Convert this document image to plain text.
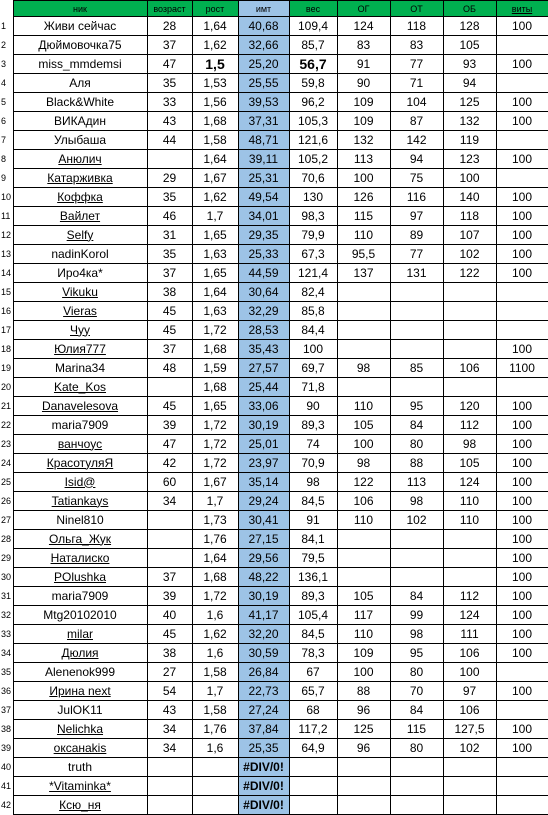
	ник	возраст	рост	имт	вес	ОГ	ОТ	ОБ	виты
1	Живи сейчас	28	1,64	40,68	109,4	124	118	128	100
2	Дюймовочка75	37	1,62	32,66	85,7	83	83	105	
3	miss_mmdemsi	47	1,5	25,20	56,7	91	77	93	100
4	Аля	35	1,53	25,55	59,8	90	71	94	
5	Black&White	33	1,56	39,53	96,2	109	104	125	100
6	ВИКАдин	43	1,68	37,31	105,3	109	87	132	100
7	Улыбаша	44	1,58	48,71	121,6	132	142	119	
8	Анюлич		1,64	39,11	105,2	113	94	123	100
9	Катарживка	29	1,67	25,31	70,6	100	75	100	
10	Коффка	35	1,62	49,54	130	126	116	140	100
11	Вайлет	46	1,7	34,01	98,3	115	97	118	100
12	Selfy	31	1,65	29,35	79,9	110	89	107	100
13	nadinKorol	35	1,63	25,33	67,3	95,5	77	102	100
14	Иро4ка*	37	1,65	44,59	121,4	137	131	122	100
15	Vikuku	38	1,64	30,64	82,4				
16	Vieras	45	1,63	32,29	85,8				
17	Чуу	45	1,72	28,53	84,4				
18	Юлия777	37	1,68	35,43	100				100
19	Marina34	48	1,59	27,57	69,7	98	85	106	1100
20	Kate_Kos		1,68	25,44	71,8				
21	Danavelesova	45	1,65	33,06	90	110	95	120	100
22	maria7909	39	1,72	30,19	89,3	105	84	112	100
23	ванчоус	47	1,72	25,01	74	100	80	98	100
24	КрасотуляЯ	42	1,72	23,97	70,9	98	88	105	100
25	Isid@	60	1,67	35,14	98	122	113	124	100
26	Tatiankays	34	1,7	29,24	84,5	106	98	110	100
27	Ninel810		1,73	30,41	91	110	102	110	100
28	Ольга_Жук		1,76	27,15	84,1				100
29	Наталиско		1,64	29,56	79,5				100
30	POlushka	37	1,68	48,22	136,1				100
31	maria7909	39	1,72	30,19	89,3	105	84	112	100
32	Mtg20102010	40	1,6	41,17	105,4	117	99	124	100
33	milar	45	1,62	32,20	84,5	110	98	111	100
34	Дюлия	38	1,6	30,59	78,3	109	95	106	100
35	Alenenok999	27	1,58	26,84	67	100	80	100	
36	Ирина next	54	1,7	22,73	65,7	88	70	97	100
37	JulOK11	43	1,58	27,24	68	96	84	106	
38	Nelichka	34	1,76	37,84	117,2	125	115	127,5	100
39	оксанаkis	34	1,6	25,35	64,9	96	80	102	100
40	truth			#DIV/0!					
41	*Vitaminka*			#DIV/0!					
42	Ксю_ня			#DIV/0!					
